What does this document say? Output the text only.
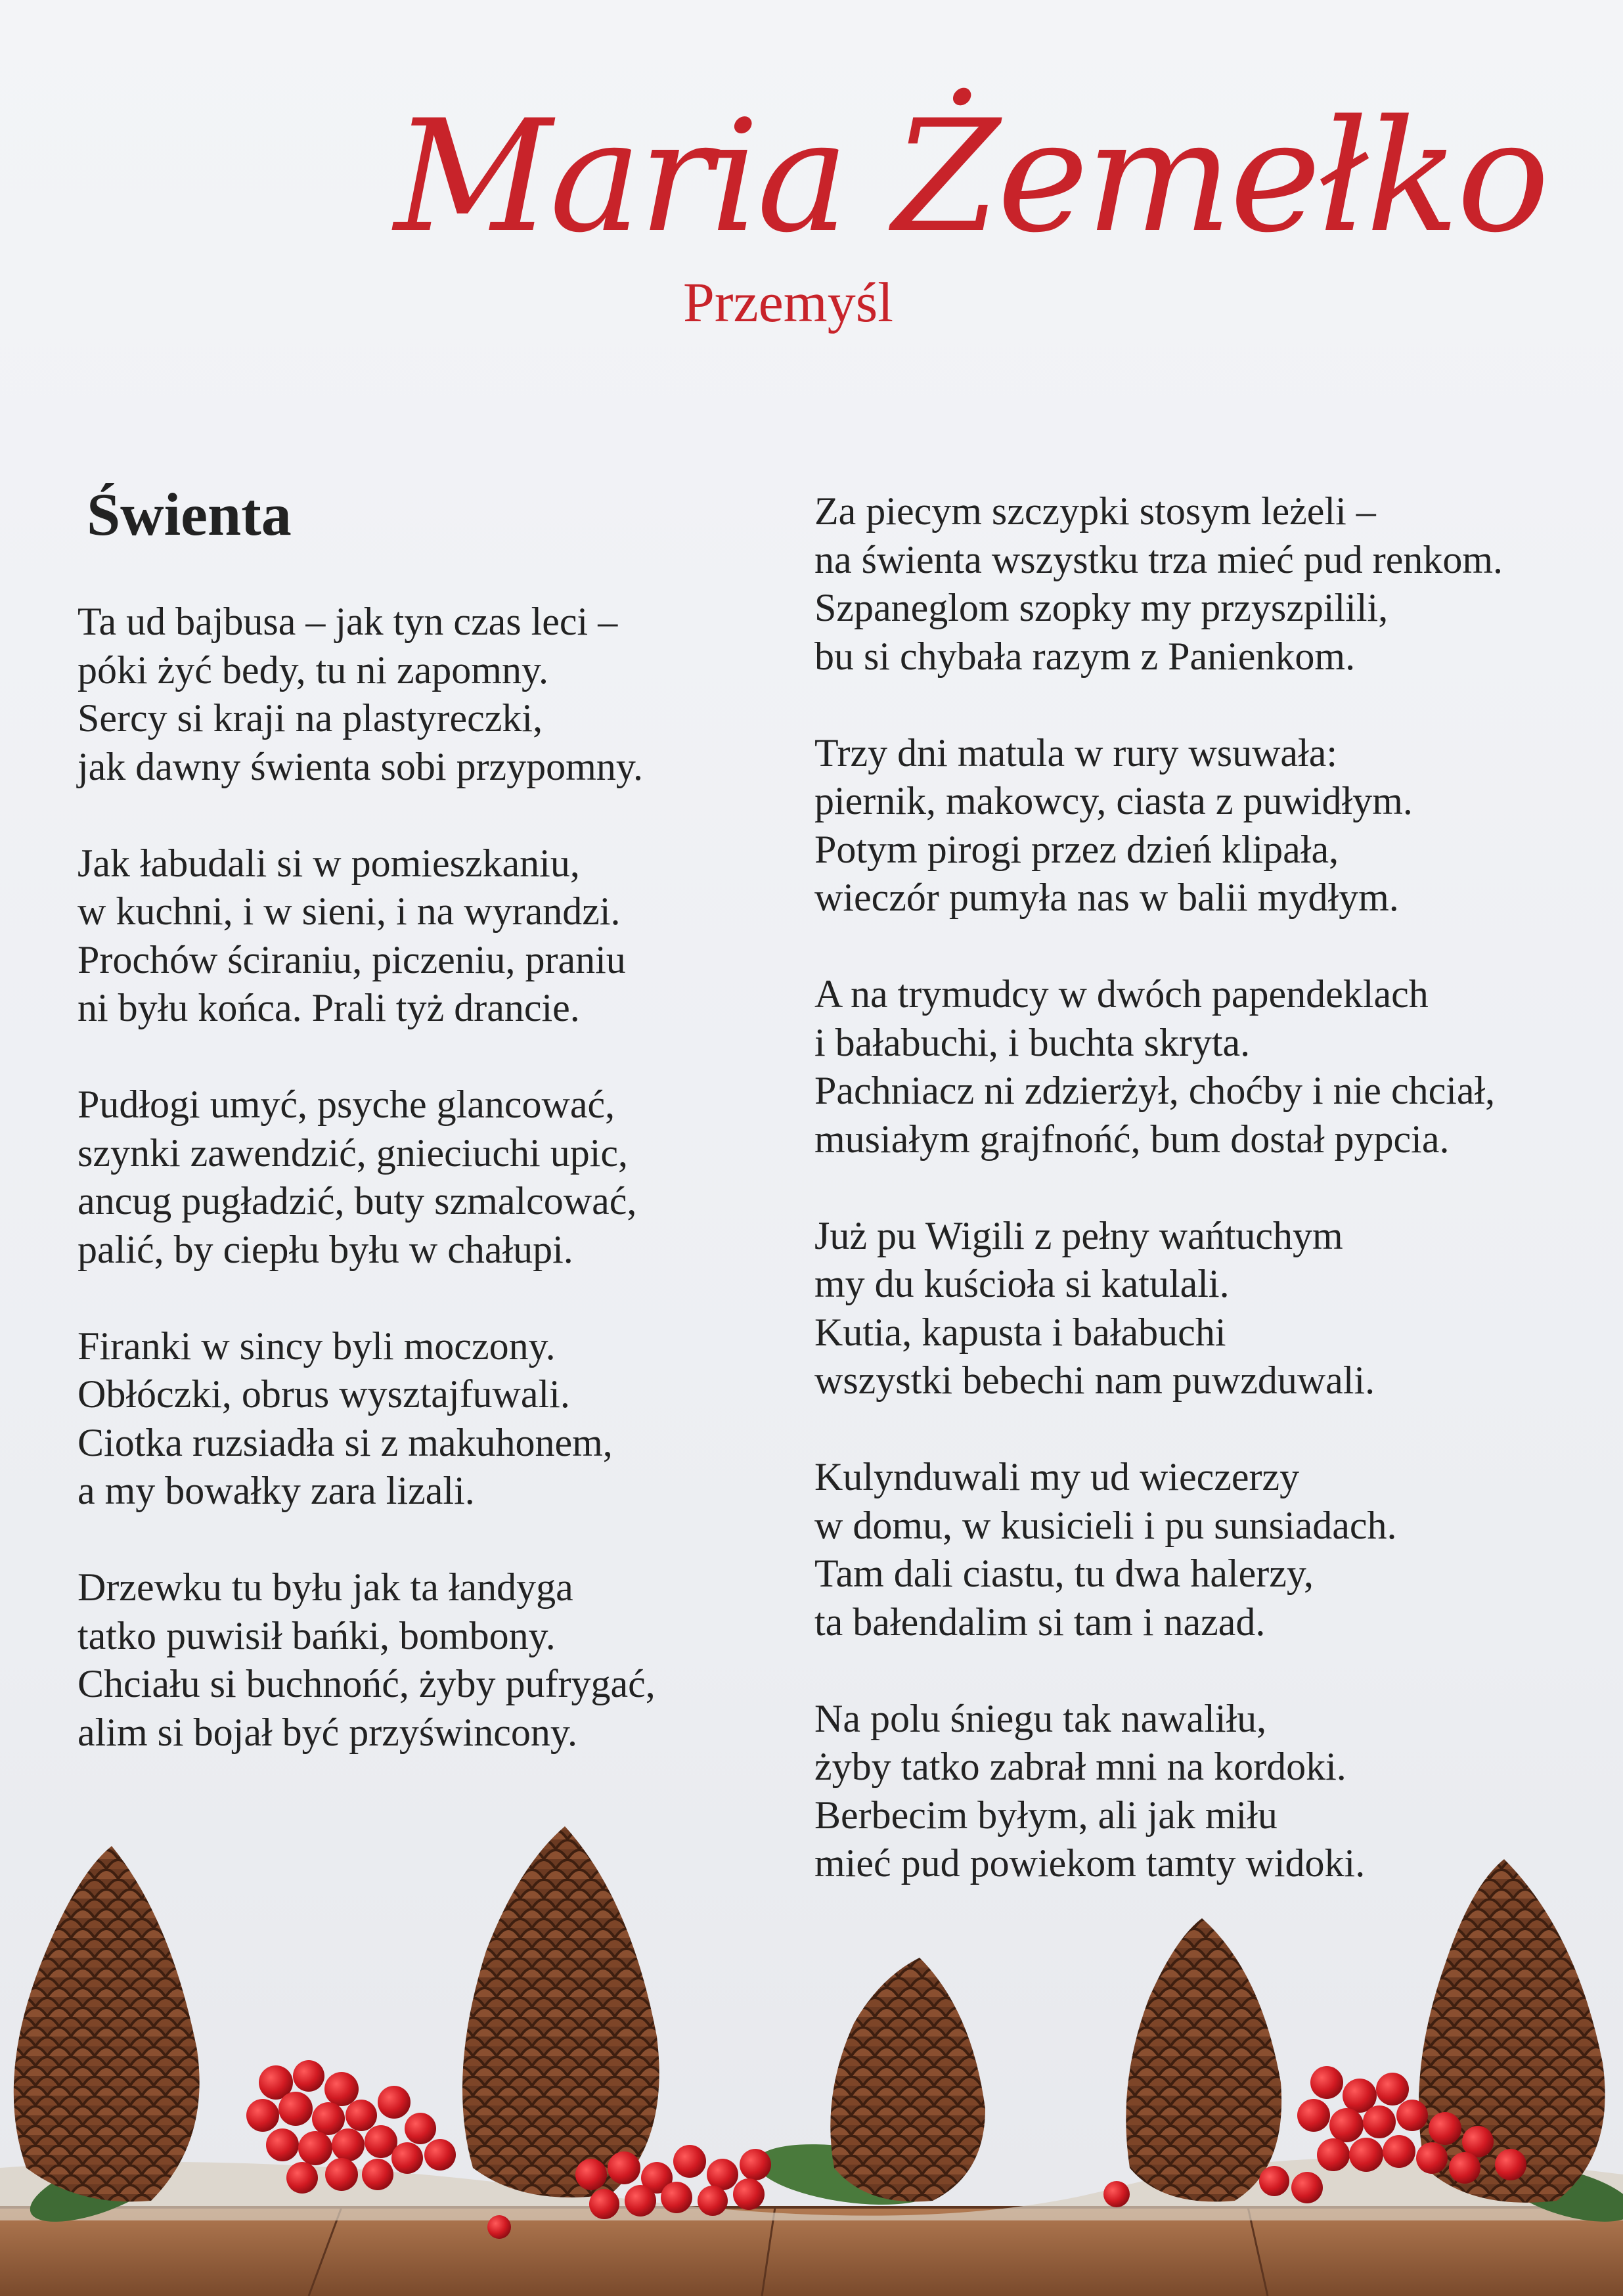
Maria Żemełko
Przemyśl
Świenta
Ta ud bajbusa – jak tyn czas leci –
póki żyć bedy, tu ni zapomny.
Sercy si kraji na plastyreczki,
jak dawny świenta sobi przypomny.
Jak łabudali si w pomieszkaniu,
w kuchni, i w sieni, i na wyrandzi.
Prochów ściraniu, piczeniu, praniu
ni byłu końca. Prali tyż drancie.
Pudłogi umyć, psyche glancować,
szynki zawendzić, gnieciuchi upic,
ancug pugładzić, buty szmalcować,
palić, by ciepłu byłu w chałupi.
Firanki w sincy byli moczony.
Obłóczki, obrus wysztajfuwali.
Ciotka ruzsiadła si z makuhonem,
a my bowałky zara lizali.
Drzewku tu byłu jak ta łandyga
tatko puwisił bańki, bombony.
Chciału si buchnońć, żyby pufrygać,
alim si bojał być przyświncony.
Za piecym szczypki stosym leżeli –
na świenta wszystku trza mieć pud renkom.
Szpaneglom szopky my przyszpilili,
bu si chybała razym z Panienkom.
Trzy dni matula w rury wsuwała:
piernik, makowcy, ciasta z puwidłym.
Potym pirogi przez dzień klipała,
wieczór pumyła nas w balii mydłym.
A na trymudcy w dwóch papendeklach
i bałabuchi, i buchta skryta.
Pachniacz ni zdzierżył, choćby i nie chciał,
musiałym grajfnońć, bum dostał pypcia.
Już pu Wigili z pełny wańtuchym
my du kuścioła si katulali.
Kutia, kapusta i bałabuchi
wszystki bebechi nam puwzduwali.
Kulynduwali my ud wieczerzy
w domu, w kusicieli i pu sunsiadach.
Tam dali ciastu, tu dwa halerzy,
ta bałendalim si tam i nazad.
Na polu śniegu tak nawaliłu,
żyby tatko zabrał mni na kordoki.
Berbecim byłym, ali jak miłu
mieć pud powiekom tamty widoki.
